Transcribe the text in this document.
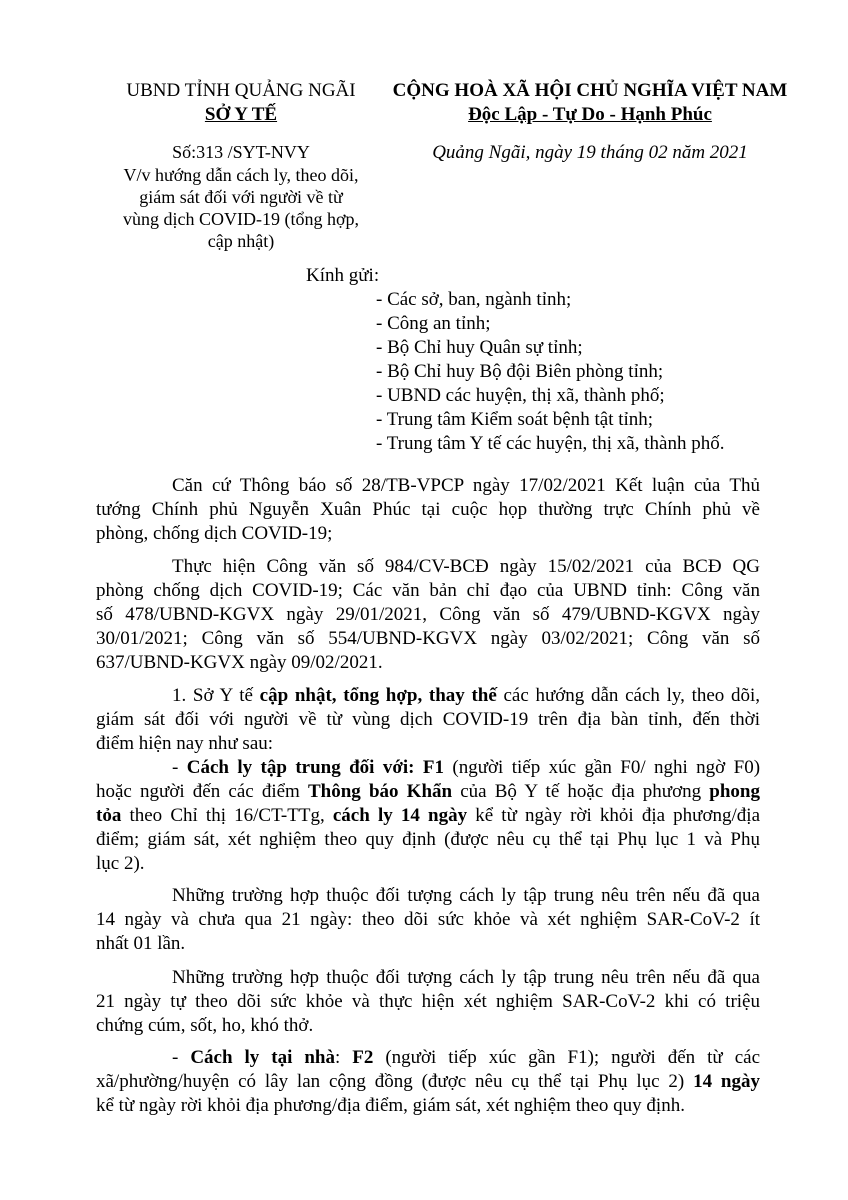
UBND TỈNH QUẢNG NGÃI
SỞ Y TẾ
CỘNG HOÀ XÃ HỘI CHỦ NGHĨA VIỆT NAM
Độc Lập - Tự Do - Hạnh Phúc
Số:313 /SYT-NVY
V/v hướng dẫn cách ly, theo dõi,
giám sát đối với người về từ
vùng dịch COVID-19 (tổng hợp,
cập nhật)
Quảng Ngãi, ngày 19 tháng 02 năm 2021
Kính gửi:
- Các sở, ban, ngành tỉnh;
- Công an tỉnh;
- Bộ Chỉ huy Quân sự tỉnh;
- Bộ Chỉ huy Bộ đội Biên phòng tỉnh;
- UBND các huyện, thị xã, thành phố;
- Trung tâm Kiểm soát bệnh tật tỉnh;
- Trung tâm Y tế các huyện, thị xã, thành phố.
Căn cứ Thông báo số 28/TB-VPCP ngày 17/02/2021 Kết luận của Thủ
tướng Chính phủ Nguyễn Xuân Phúc tại cuộc họp thường trực Chính phủ về
phòng, chống dịch COVID-19;
Thực hiện Công văn số 984/CV-BCĐ ngày 15/02/2021 của BCĐ QG
phòng chống dịch COVID-19; Các văn bản chỉ đạo của UBND tỉnh: Công văn
số 478/UBND-KGVX ngày 29/01/2021, Công văn số 479/UBND-KGVX ngày
30/01/2021; Công văn số 554/UBND-KGVX ngày 03/02/2021; Công văn số
637/UBND-KGVX ngày 09/02/2021.
1. Sở Y tế cập nhật, tổng hợp, thay thế các hướng dẫn cách ly, theo dõi,
giám sát đối với người về từ vùng dịch COVID-19 trên địa bàn tỉnh, đến thời
điểm hiện nay như sau:
- Cách ly tập trung đối với: F1 (người tiếp xúc gần F0/ nghi ngờ F0)
hoặc người đến các điểm Thông báo Khẩn của Bộ Y tế hoặc địa phương phong
tỏa theo Chỉ thị 16/CT-TTg, cách ly 14 ngày kể từ ngày rời khỏi địa phương/địa
điểm; giám sát, xét nghiệm theo quy định (được nêu cụ thể tại Phụ lục 1 và Phụ
lục 2).
Những trường hợp thuộc đối tượng cách ly tập trung nêu trên nếu đã qua
14 ngày và chưa qua 21 ngày: theo dõi sức khỏe và xét nghiệm SAR-CoV-2 ít
nhất 01 lần.
Những trường hợp thuộc đối tượng cách ly tập trung nêu trên nếu đã qua
21 ngày tự theo dõi sức khỏe và thực hiện xét nghiệm SAR-CoV-2 khi có triệu
chứng cúm, sốt, ho, khó thở.
- Cách ly tại nhà: F2 (người tiếp xúc gần F1); người đến từ các
xã/phường/huyện có lây lan cộng đồng (được nêu cụ thể tại Phụ lục 2) 14 ngày
kể từ ngày rời khỏi địa phương/địa điểm, giám sát, xét nghiệm theo quy định.
